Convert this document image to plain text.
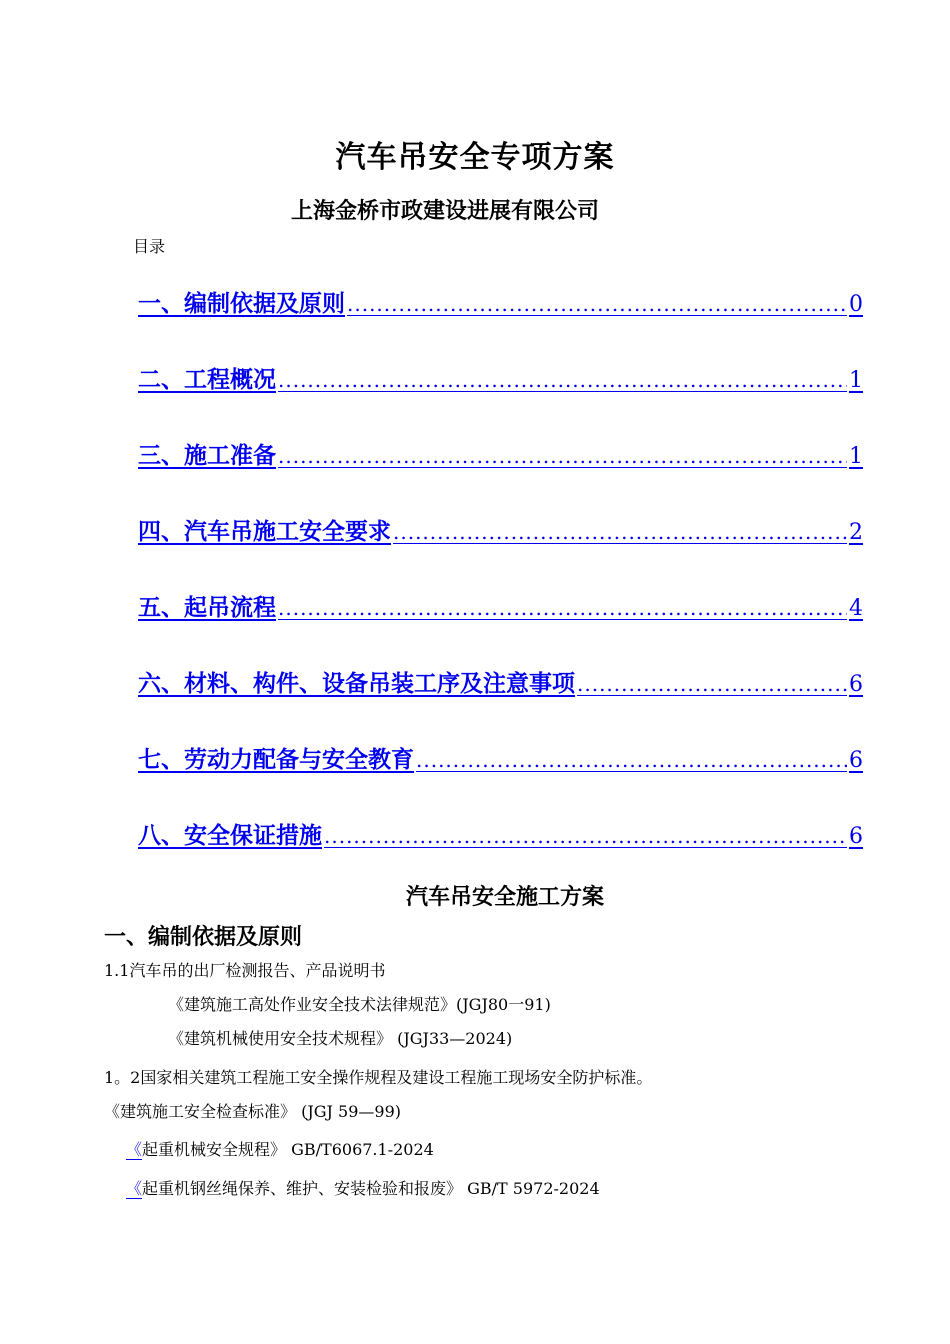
汽车吊安全专项方案
上海金桥市政建设进展有限公司
目录
一、编制依据及原则 .....	0
二、工程概况 .....	1
三、施工准备 .....	1
四、汽车吊施工安全要求 .....	2
五、起吊流程 .....	4
六、材料、构件、设备吊装工序及注意事项 .....	6
七、劳动力配备与安全教育 .....	6
八、安全保证措施 .....	6
汽车吊安全施工方案
一、编制依据及原则
1.1汽车吊的出厂检测报告、产品说明书
《建筑施工高处作业安全技术法律规范》(JGJ80一91)
《建筑机械使用安全技术规程》 (JGJ33—2024)
1。2国家相关建筑工程施工安全操作规程及建设工程施工现场安全防护标准。
《建筑施工安全检查标准》 (JGJ 59—99)
《起重机械安全规程》 GB/T6067.1-2024
《起重机钢丝绳保养、维护、安装检验和报废》 GB/T 5972-2024
